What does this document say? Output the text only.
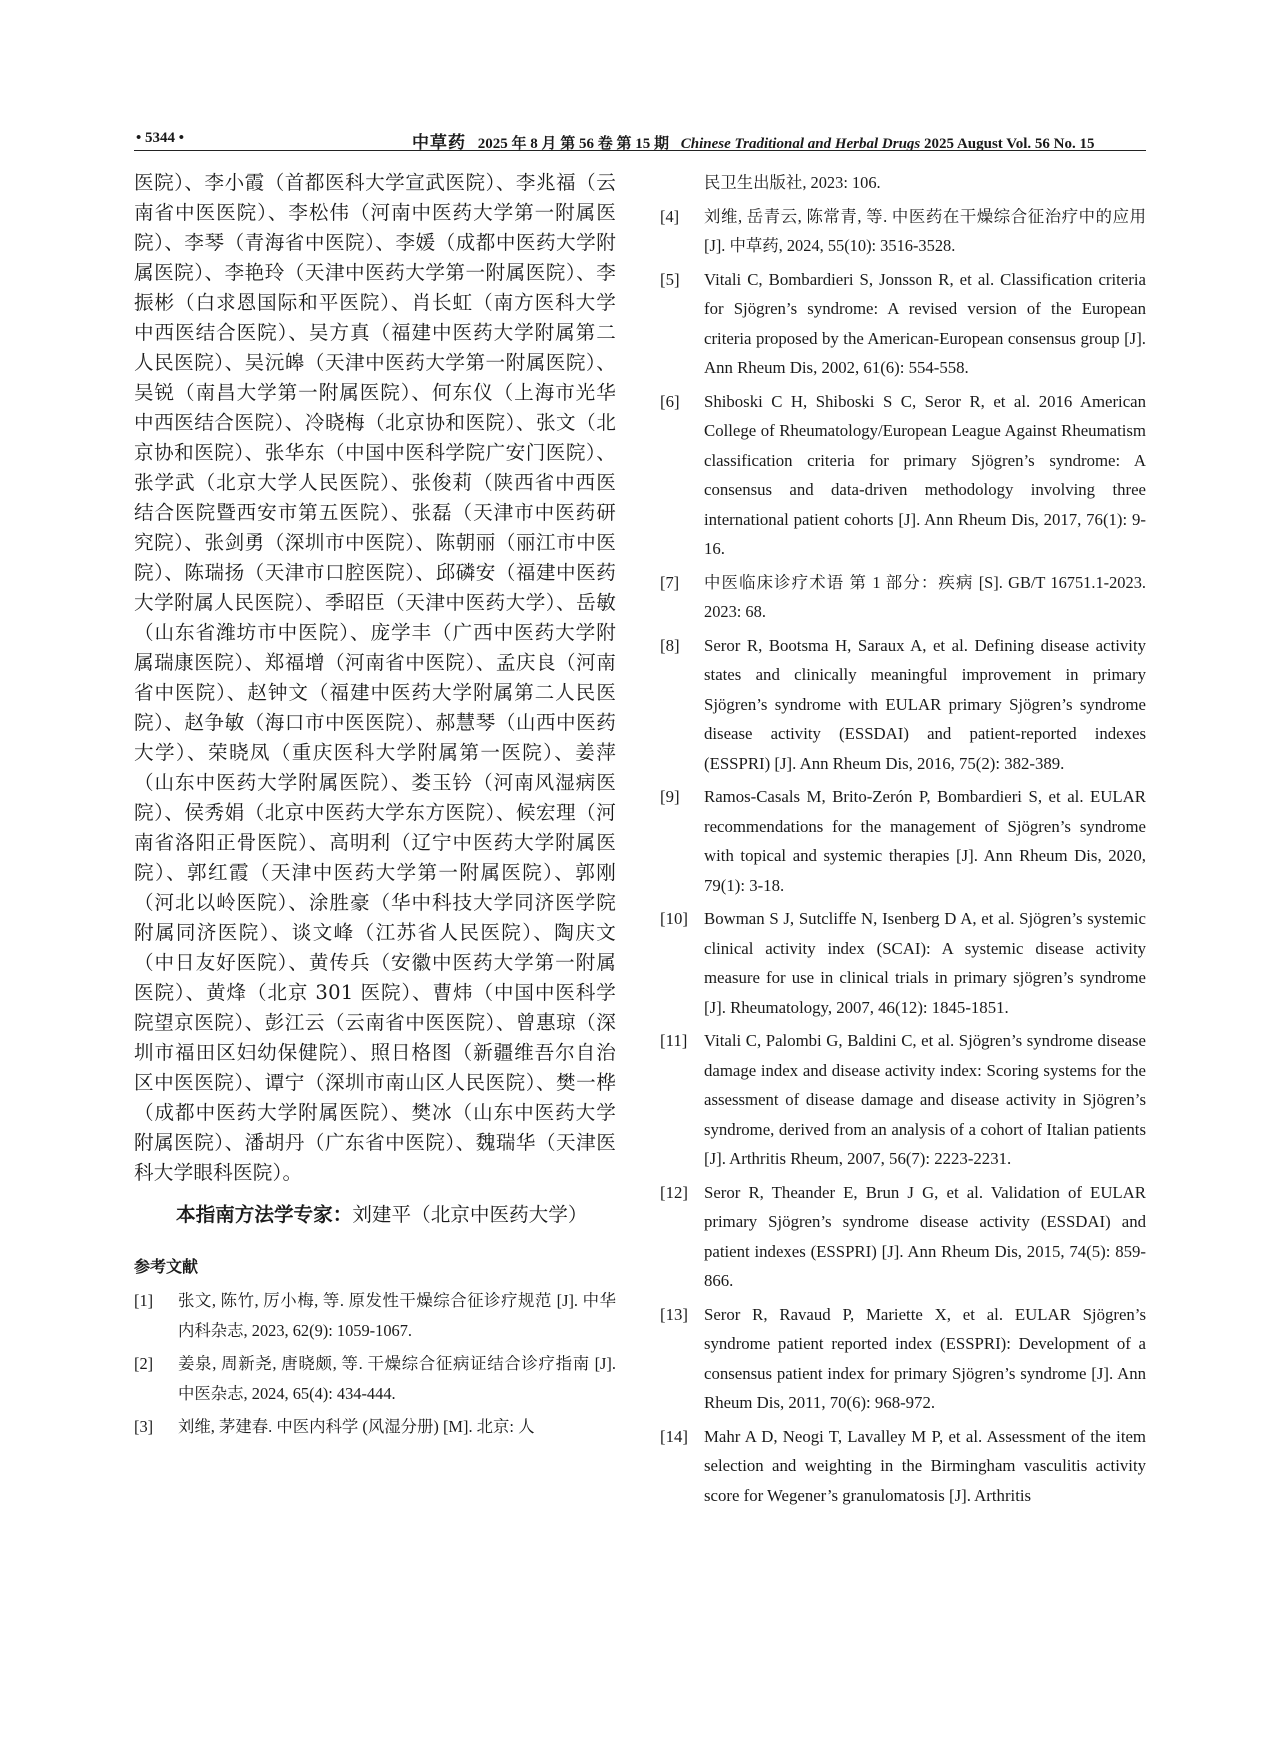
• 5344 •	中草药 2025 年 8 月 第 56 卷 第 15 期 Chinese Traditional and Herbal Drugs 2025 August Vol. 56 No. 15

医院）、李小霞（首都医科大学宣武医院）、李兆福（云南省中医医院）、李松伟（河南中医药大学第一附属医院）、李琴（青海省中医院）、李媛（成都中医药大学附属医院）、李艳玲（天津中医药大学第一附属医院）、李振彬（白求恩国际和平医院）、肖长虹（南方医科大学中西医结合医院）、吴方真（福建中医药大学附属第二人民医院）、吴沅皞（天津中医药大学第一附属医院）、吴锐（南昌大学第一附属医院）、何东仪（上海市光华中西医结合医院）、冷晓梅（北京协和医院）、张文（北京协和医院）、张华东（中国中医科学院广安门医院）、张学武（北京大学人民医院）、张俊莉（陕西省中西医结合医院暨西安市第五医院）、张磊（天津市中医药研究院）、张剑勇（深圳市中医院）、陈朝丽（丽江市中医院）、陈瑞扬（天津市口腔医院）、邱磷安（福建中医药大学附属人民医院）、季昭臣（天津中医药大学）、岳敏（山东省潍坊市中医院）、庞学丰（广西中医药大学附属瑞康医院）、郑福增（河南省中医院）、孟庆良（河南省中医院）、赵钟文（福建中医药大学附属第二人民医院）、赵争敏（海口市中医医院）、郝慧琴（山西中医药大学）、荣晓凤（重庆医科大学附属第一医院）、姜萍（山东中医药大学附属医院）、娄玉钤（河南风湿病医院）、侯秀娟（北京中医药大学东方医院）、候宏理（河南省洛阳正骨医院）、高明利（辽宁中医药大学附属医院）、郭红霞（天津中医药大学第一附属医院）、郭刚（河北以岭医院）、涂胜豪（华中科技大学同济医学院附属同济医院）、谈文峰（江苏省人民医院）、陶庆文（中日友好医院）、黄传兵（安徽中医药大学第一附属医院）、黄烽（北京 301 医院）、曹炜（中国中医科学院望京医院）、彭江云（云南省中医医院）、曾惠琼（深圳市福田区妇幼保健院）、照日格图（新疆维吾尔自治区中医医院）、谭宁（深圳市南山区人民医院）、樊一桦（成都中医药大学附属医院）、樊冰（山东中医药大学附属医院）、潘胡丹（广东省中医院）、魏瑞华（天津医科大学眼科医院）。

本指南方法学专家：刘建平（北京中医药大学）

参考文献
[1] 张文, 陈竹, 厉小梅, 等. 原发性干燥综合征诊疗规范 [J]. 中华内科杂志, 2023, 62(9): 1059-1067.
[2] 姜泉, 周新尧, 唐晓颇, 等. 干燥综合征病证结合诊疗指南 [J]. 中医杂志, 2024, 65(4): 434-444.
[3] 刘维, 茅建春. 中医内科学 (风湿分册) [M]. 北京: 人
民卫生出版社, 2023: 106.
[4] 刘维, 岳青云, 陈常青, 等. 中医药在干燥综合征治疗中的应用 [J]. 中草药, 2024, 55(10): 3516-3528.
[5] Vitali C, Bombardieri S, Jonsson R, et al. Classification criteria for Sjögren’s syndrome: A revised version of the European criteria proposed by the American-European consensus group [J]. Ann Rheum Dis, 2002, 61(6): 554-558.
[6] Shiboski C H, Shiboski S C, Seror R, et al. 2016 American College of Rheumatology/European League Against Rheumatism classification criteria for primary Sjögren’s syndrome: A consensus and data-driven methodology involving three international patient cohorts [J]. Ann Rheum Dis, 2017, 76(1): 9-16.
[7] 中医临床诊疗术语 第 1 部分：疾病 [S]. GB/T 16751.1-2023. 2023: 68.
[8] Seror R, Bootsma H, Saraux A, et al. Defining disease activity states and clinically meaningful improvement in primary Sjögren’s syndrome with EULAR primary Sjögren’s syndrome disease activity (ESSDAI) and patient-reported indexes (ESSPRI) [J]. Ann Rheum Dis, 2016, 75(2): 382-389.
[9] Ramos-Casals M, Brito-Zerón P, Bombardieri S, et al. EULAR recommendations for the management of Sjögren’s syndrome with topical and systemic therapies [J]. Ann Rheum Dis, 2020, 79(1): 3-18.
[10] Bowman S J, Sutcliffe N, Isenberg D A, et al. Sjögren’s systemic clinical activity index (SCAI): A systemic disease activity measure for use in clinical trials in primary sjögren’s syndrome [J]. Rheumatology, 2007, 46(12): 1845-1851.
[11] Vitali C, Palombi G, Baldini C, et al. Sjögren’s syndrome disease damage index and disease activity index: Scoring systems for the assessment of disease damage and disease activity in Sjögren’s syndrome, derived from an analysis of a cohort of Italian patients [J]. Arthritis Rheum, 2007, 56(7): 2223-2231.
[12] Seror R, Theander E, Brun J G, et al. Validation of EULAR primary Sjögren’s syndrome disease activity (ESSDAI) and patient indexes (ESSPRI) [J]. Ann Rheum Dis, 2015, 74(5): 859-866.
[13] Seror R, Ravaud P, Mariette X, et al. EULAR Sjögren’s syndrome patient reported index (ESSPRI): Development of a consensus patient index for primary Sjögren’s syndrome [J]. Ann Rheum Dis, 2011, 70(6): 968-972.
[14] Mahr A D, Neogi T, Lavalley M P, et al. Assessment of the item selection and weighting in the Birmingham vasculitis activity score for Wegener’s granulomatosis [J]. Arthritis
